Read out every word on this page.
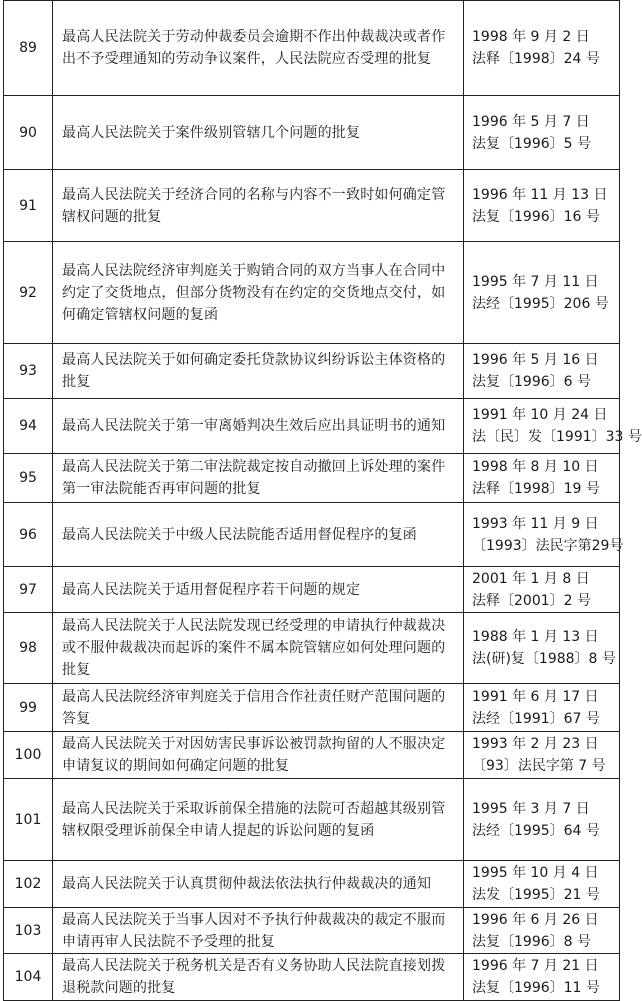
89	最高人民法院关于劳动仲裁委员会逾期不作出仲裁裁决或者作出不予受理通知的劳动争议案件，人民法院应否受理的批复	1998 年 9 月 2 日
法释〔1998〕24 号

90	最高人民法院关于案件级别管辖几个问题的批复	1996 年 5 月 7 日
法复〔1996〕5 号

91	最高人民法院关于经济合同的名称与内容不一致时如何确定管辖权问题的批复	1996 年 11 月 13 日
法复〔1996〕16 号

92	最高人民法院经济审判庭关于购销合同的双方当事人在合同中约定了交货地点，但部分货物没有在约定的交货地点交付，如何确定管辖权问题的复函	1995 年 7 月 11 日
法经〔1995〕206 号

93	最高人民法院关于如何确定委托贷款协议纠纷诉讼主体资格的批复	1996 年 5 月 16 日
法复〔1996〕6 号

94	最高人民法院关于第一审离婚判决生效后应出具证明书的通知	1991 年 10 月 24 日
法〔民〕发〔1991〕33 号

95	最高人民法院关于第二审法院裁定按自动撤回上诉处理的案件第一审法院能否再审问题的批复	1998 年 8 月 10 日
法释〔1998〕19 号

96	最高人民法院关于中级人民法院能否适用督促程序的复函	1993 年 11 月 9 日
〔1993〕法民字第29号

97	最高人民法院关于适用督促程序若干问题的规定	2001 年 1 月 8 日
法释〔2001〕2 号

98	最高人民法院关于人民法院发现已经受理的申请执行仲裁裁决或不服仲裁裁决而起诉的案件不属本院管辖应如何处理问题的批复	1988 年 1 月 13 日
法(研)复〔1988〕8 号

99	最高人民法院经济审判庭关于信用合作社责任财产范围问题的答复	1991 年 6 月 17 日
法经〔1991〕67 号

100	最高人民法院关于对因妨害民事诉讼被罚款拘留的人不服决定申请复议的期间如何确定问题的批复	1993 年 2 月 23 日
〔93〕法民字第 7 号

101	最高人民法院关于采取诉前保全措施的法院可否超越其级别管辖权限受理诉前保全申请人提起的诉讼问题的复函	1995 年 3 月 7 日
法经〔1995〕64 号

102	最高人民法院关于认真贯彻仲裁法依法执行仲裁裁决的通知	1995 年 10 月 4 日
法发〔1995〕21 号

103	最高人民法院关于当事人因对不予执行仲裁裁决的裁定不服而申请再审人民法院不予受理的批复	1996 年 6 月 26 日
法复〔1996〕8 号

104	最高人民法院关于税务机关是否有义务协助人民法院直接划拨退税款问题的批复	1996 年 7 月 21 日
法复〔1996〕11 号
